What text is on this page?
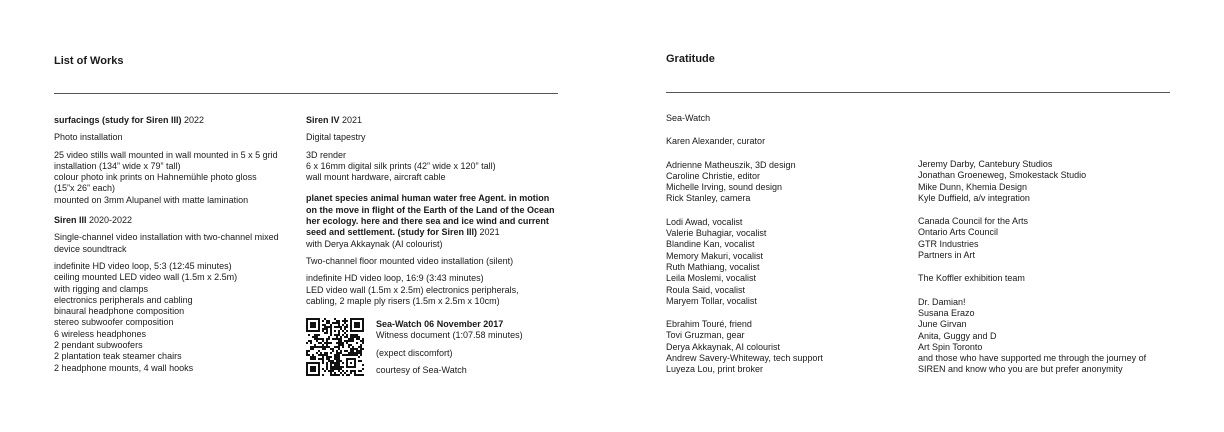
List of Works
surfacings (study for Siren III) 2022
Photo installation
25 video stills wall mounted in wall mounted in 5 x 5 grid
installation (134” wide x 79” tall)
colour photo ink prints on Hahnemühle photo gloss
(15”x 26” each)
mounted on 3mm Alupanel with matte lamination
Siren III 2020-2022
Single-channel video installation with two-channel mixed device soundtrack
indefinite HD video loop, 5:3 (12:45 minutes)
ceiling mounted LED video wall (1.5m x 2.5m)
with rigging and clamps
electronics peripherals and cabling
binaural headphone composition
stereo subwoofer composition
6 wireless headphones
2 pendant subwoofers
2 plantation teak steamer chairs
2 headphone mounts, 4 wall hooks
Siren IV 2021
Digital tapestry
3D render
6 x 16mm digital silk prints (42” wide x 120” tall)
wall mount hardware, aircraft cable
planet species animal human water free Agent. in motion on the move in flight of the Earth of the Land of the Ocean her ecology. here and there sea and ice wind and current seed and settlement. (study for Siren III) 2021
with Derya Akkaynak (AI colourist)
Two-channel floor mounted video installation (silent)
indefinite HD video loop, 16:9 (3:43 minutes)
LED video wall (1.5m x 2.5m) electronics peripherals,
cabling, 2 maple ply risers (1.5m x 2.5m x 10cm)
Sea-Watch 06 November 2017
Witness document (1:07.58 minutes)
(expect discomfort)
courtesy of Sea-Watch
Gratitude
Sea-Watch
Karen Alexander, curator
Adrienne Matheuszik, 3D design
Caroline Christie, editor
Michelle Irving, sound design
Rick Stanley, camera
Lodi Awad, vocalist
Valerie Buhagiar, vocalist
Blandine Kan, vocalist
Memory Makuri, vocalist
Ruth Mathiang, vocalist
Leila Moslemi, vocalist
Roula Said, vocalist
Maryem Tollar, vocalist
Ebrahim Touré, friend
Tovi Gruzman, gear
Derya Akkaynak, AI colourist
Andrew Savery-Whiteway, tech support
Luyeza Lou, print broker
Jeremy Darby, Cantebury Studios
Jonathan Groeneweg, Smokestack Studio
Mike Dunn, Khemia Design
Kyle Duffield, a/v integration
Canada Council for the Arts
Ontario Arts Council
GTR Industries
Partners in Art
The Koffler exhibition team
Dr. Damian!
Susana Erazo
June Girvan
Anita, Guggy and D
Art Spin Toronto
and those who have supported me through the journey of
SIREN and know who you are but prefer anonymity
